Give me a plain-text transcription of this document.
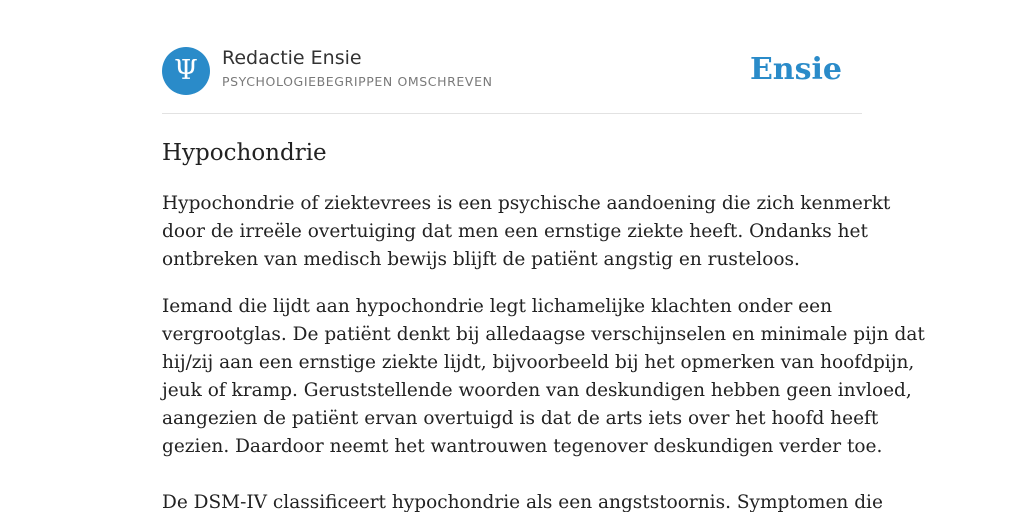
Ψ	Redactie Ensie
PSYCHOLOGIEBEGRIPPEN OMSCHREVEN	Ensie
Hypochondrie

Hypochondrie of ziektevrees is een psychische aandoening die zich kenmerkt
door de irreële overtuiging dat men een ernstige ziekte heeft. Ondanks het
ontbreken van medisch bewijs blijft de patiënt angstig en rusteloos.

Iemand die lijdt aan hypochondrie legt lichamelijke klachten onder een
vergrootglas. De patiënt denkt bij alledaagse verschijnselen en minimale pijn dat
hij/zij aan een ernstige ziekte lijdt, bijvoorbeeld bij het opmerken van hoofdpijn,
jeuk of kramp. Geruststellende woorden van deskundigen hebben geen invloed,
aangezien de patiënt ervan overtuigd is dat de arts iets over het hoofd heeft
gezien. Daardoor neemt het wantrouwen tegenover deskundigen verder toe.

De DSM-IV classificeert hypochondrie als een angststoornis. Symptomen die
